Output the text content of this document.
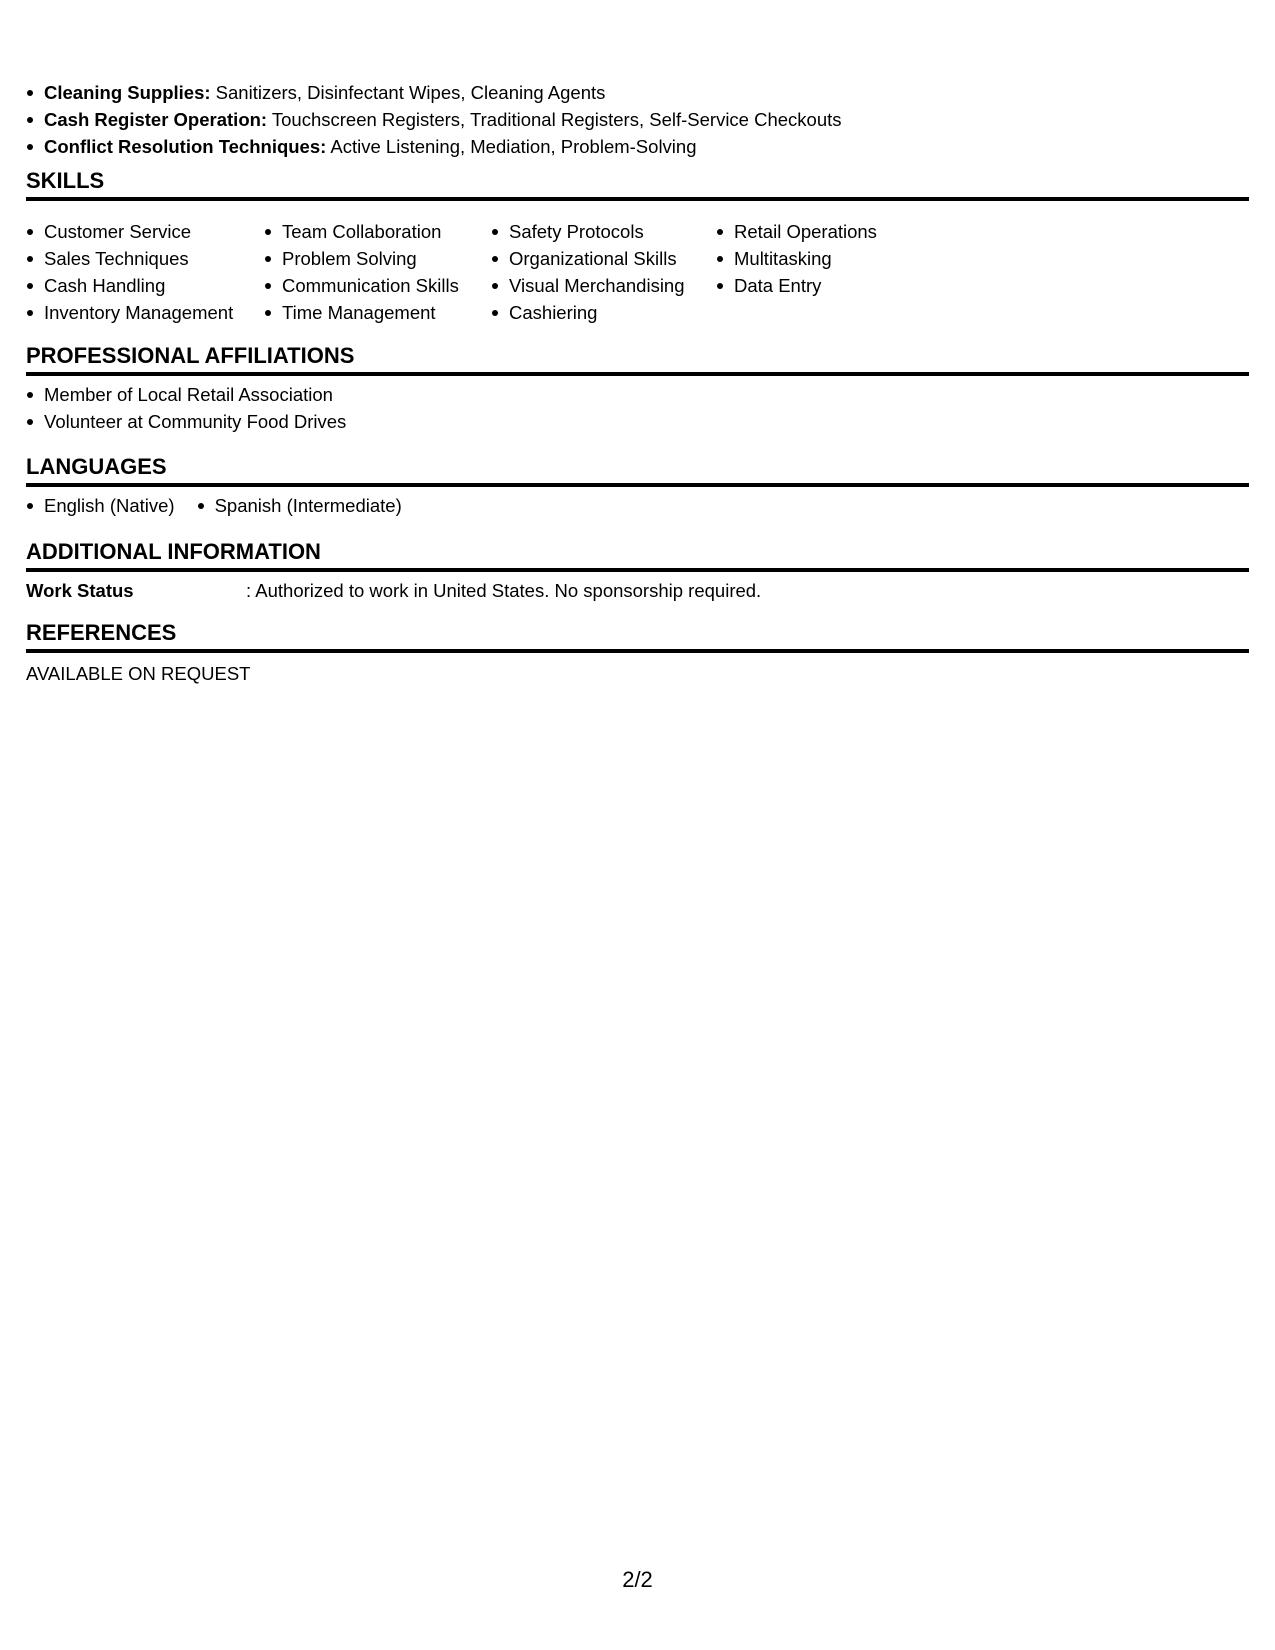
Cleaning Supplies: Sanitizers, Disinfectant Wipes, Cleaning Agents
Cash Register Operation: Touchscreen Registers, Traditional Registers, Self-Service Checkouts
Conflict Resolution Techniques: Active Listening, Mediation, Problem-Solving
SKILLS
Customer Service
Sales Techniques
Cash Handling
Inventory Management
Team Collaboration
Problem Solving
Communication Skills
Time Management
Safety Protocols
Organizational Skills
Visual Merchandising
Cashiering
Retail Operations
Multitasking
Data Entry
PROFESSIONAL AFFILIATIONS
Member of Local Retail Association
Volunteer at Community Food Drives
LANGUAGES
English (Native)	Spanish (Intermediate)
ADDITIONAL INFORMATION
Work Status	: Authorized to work in United States. No sponsorship required.
REFERENCES
AVAILABLE ON REQUEST
2/2
